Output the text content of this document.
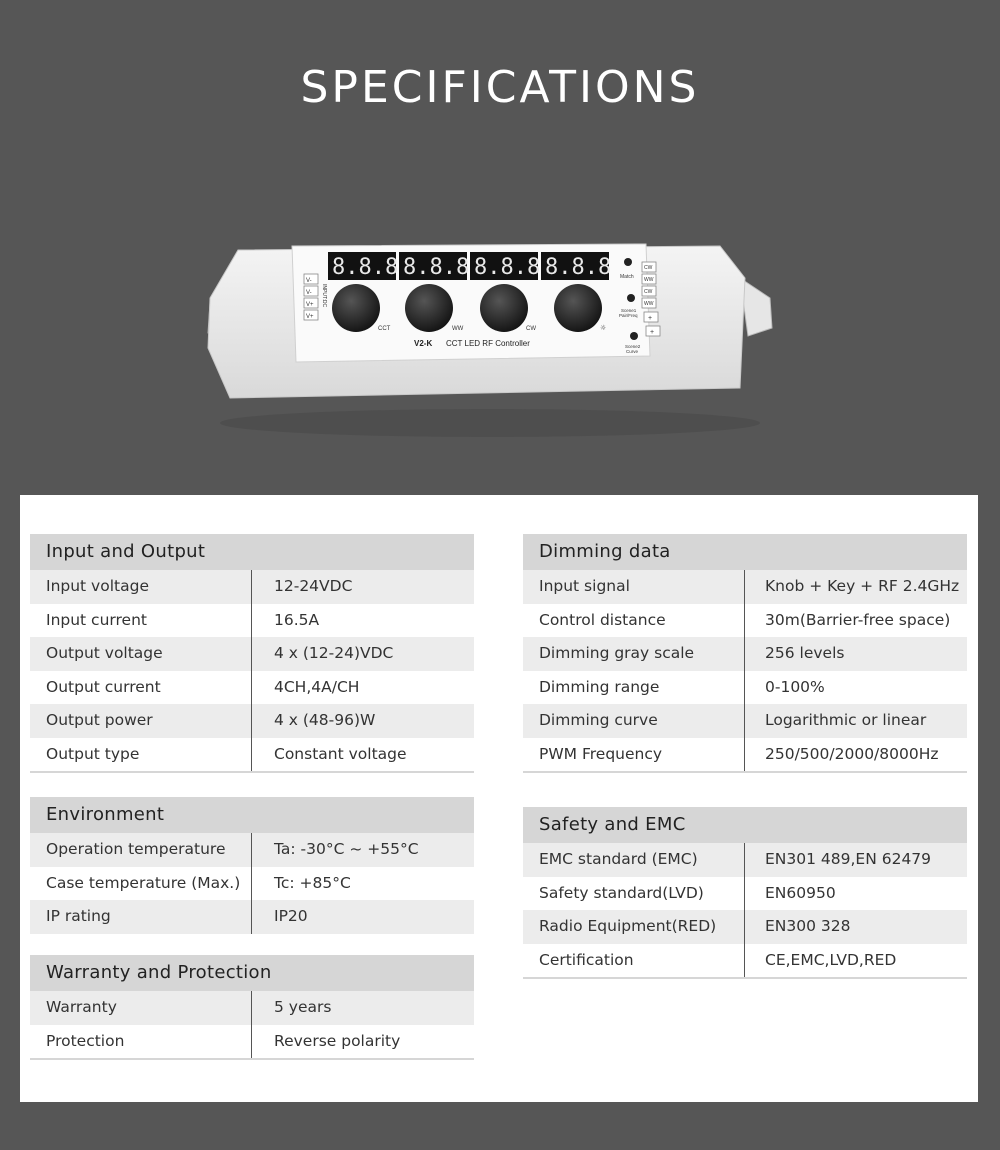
SPECIFICATIONS
V-
V-
V+
V+
INPUT:DC
8.8.8 8.8.8 8.8.8 8.8.8
CCT	WW	CW	☼
V2-K CCT LED RF Controller
Match
Scene1
Pair/Freq
Scene2
Curve
CW
WW
CW
WW
+
+
Input and Output
Input voltage	12-24VDC
Input current	16.5A
Output voltage	4 x (12-24)VDC
Output current	4CH,4A/CH
Output power	4 x (48-96)W
Output type	Constant voltage
Environment
Operation temperature	Ta: -30°C ~ +55°C
Case temperature (Max.)	Tc: +85°C
IP rating	IP20
Warranty and Protection
Warranty	5 years
Protection	Reverse polarity
Dimming data
Input signal	Knob + Key + RF 2.4GHz
Control distance	30m(Barrier-free space)
Dimming gray scale	256 levels
Dimming range	0-100%
Dimming curve	Logarithmic or linear
PWM Frequency	250/500/2000/8000Hz
Safety and EMC
EMC standard (EMC)	EN301 489,EN 62479
Safety standard(LVD)	EN60950
Radio Equipment(RED)	EN300 328
Certification	CE,EMC,LVD,RED
